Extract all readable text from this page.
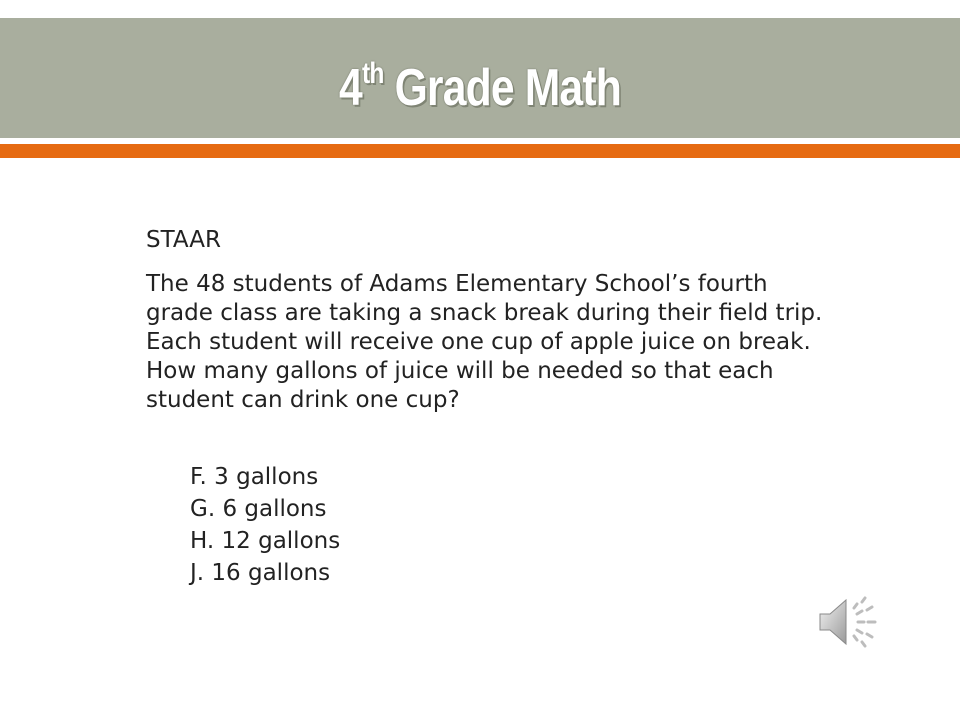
4th Grade Math

STAAR

The 48 students of Adams Elementary School’s fourth grade class are taking a snack break during their field trip. Each student will receive one cup of apple juice on break. How many gallons of juice will be needed so that each student can drink one cup?

F. 3 gallons
G. 6 gallons
H. 12 gallons
J. 16 gallons
